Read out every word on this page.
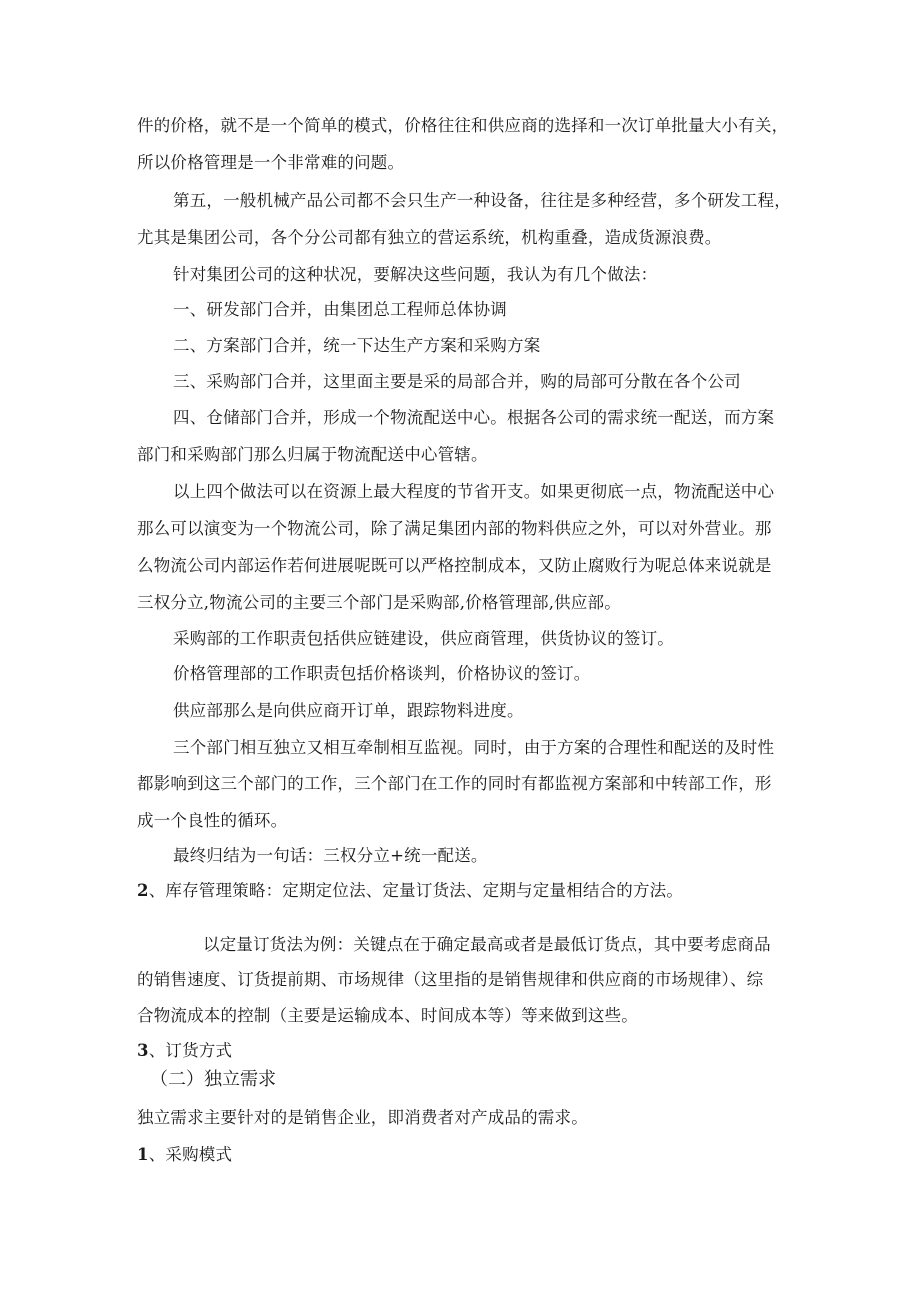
件的价格，就不是一个简单的模式，价格往往和供应商的选择和一次订单批量大小有关，
所以价格管理是一个非常难的问题。
第五，一般机械产品公司都不会只生产一种设备，往往是多种经营，多个研发工程，
尤其是集团公司，各个分公司都有独立的营运系统，机构重叠，造成货源浪费。
针对集团公司的这种状况，要解决这些问题，我认为有几个做法：
一、研发部门合并，由集团总工程师总体协调
二、方案部门合并，统一下达生产方案和采购方案
三、采购部门合并，这里面主要是采的局部合并，购的局部可分散在各个公司
四、仓储部门合并，形成一个物流配送中心。根据各公司的需求统一配送，而方案
部门和采购部门那么归属于物流配送中心管辖。
以上四个做法可以在资源上最大程度的节省开支。如果更彻底一点，物流配送中心
那么可以演变为一个物流公司，除了满足集团内部的物料供应之外，可以对外营业。那
么物流公司内部运作若何进展呢既可以严格控制成本，又防止腐败行为呢总体来说就是
三权分立,物流公司的主要三个部门是采购部,价格管理部,供应部。
采购部的工作职责包括供应链建设，供应商管理，供货协议的签订。
价格管理部的工作职责包括价格谈判，价格协议的签订。
供应部那么是向供应商开订单，跟踪物料进度。
三个部门相互独立又相互牵制相互监视。同时，由于方案的合理性和配送的及时性
都影响到这三个部门的工作，三个部门在工作的同时有都监视方案部和中转部工作，形
成一个良性的循环。
最终归结为一句话：三权分立+统一配送。
2、库存管理策略：定期定位法、定量订货法、定期与定量相结合的方法。
以定量订货法为例：关键点在于确定最高或者是最低订货点，其中要考虑商品
的销售速度、订货提前期、市场规律（这里指的是销售规律和供应商的市场规律）、综
合物流成本的控制（主要是运输成本、时间成本等）等来做到这些。
3、订货方式
（二）独立需求
独立需求主要针对的是销售企业，即消费者对产成品的需求。
1、采购模式
